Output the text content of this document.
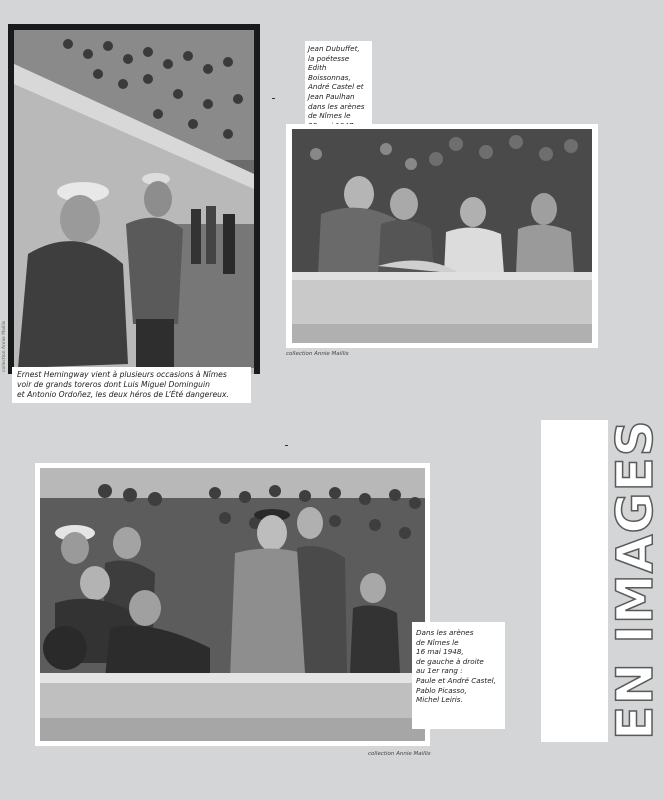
collection Annie Maillis
Ernest Hemingway vient à plusieurs occasions à Nîmes
voir de grands toreros dont Luis Miguel Dominguin
et Antonio Ordoñez, les deux héros de L’Été dangereux.
Jean Dubuffet,
la poétesse
Edith Boissonnas,
André Castel et
Jean Paulhan
dans les arènes
de Nîmes le
collection Annie Maillis
Dans les arènes
de Nîmes le
16 mai 1948,
de gauche à droite
au 1er rang :
Paule et André Castel,
Pablo Picasso,
Michel Leiris.
collection Annie Maillis
EN IMAGES
